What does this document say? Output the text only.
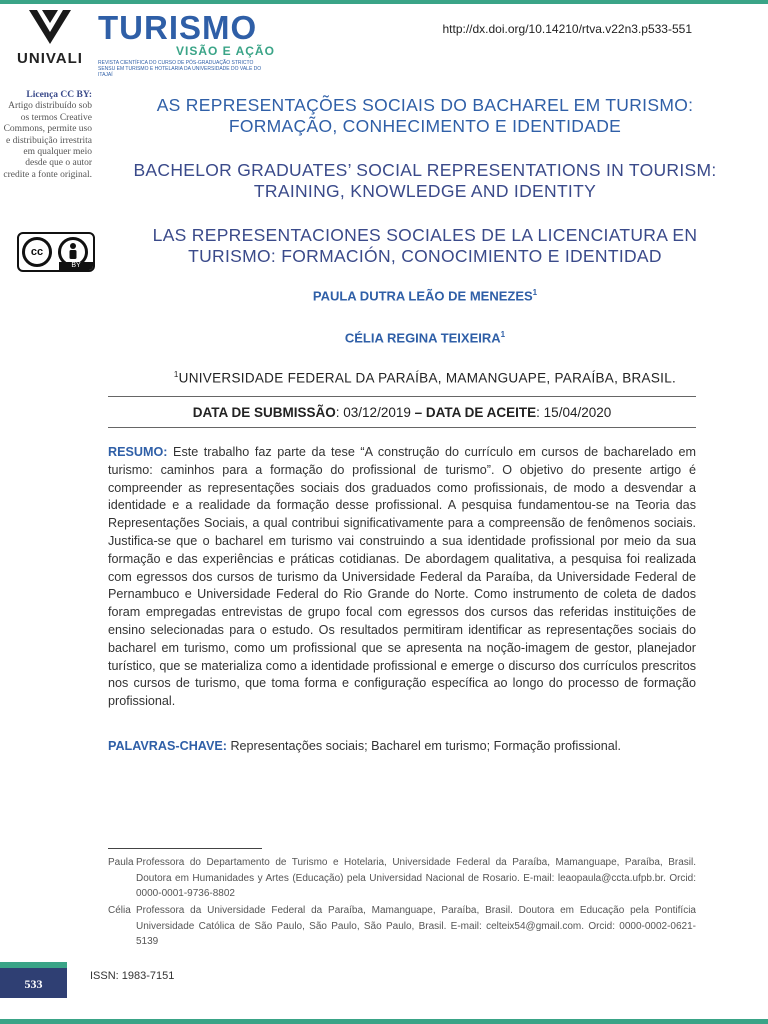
UNIVALI
TURISMO
VISÃO E AÇÃO
REVISTA CIENTÍFICA DO CURSO DE PÓS-GRADUAÇÃO STRICTO SENSU EM TURISMO E HOTELARIA DA UNIVERSIDADE DO VALE DO ITAJAÍ
http://dx.doi.org/10.14210/rtva.v22n3.p533-551
Licença CC BY:
Artigo distribuído sob os termos Creative Commons, permite uso e distribuição irrestrita em qualquer meio desde que o autor credite a fonte original.
cc
BY
AS REPRESENTAÇÕES SOCIAIS DO BACHAREL EM TURISMO: FORMAÇÃO, CONHECIMENTO E IDENTIDADE
BACHELOR GRADUATES’ SOCIAL REPRESENTATIONS IN TOURISM: TRAINING, KNOWLEDGE AND IDENTITY
LAS REPRESENTACIONES SOCIALES DE LA LICENCIATURA EN TURISMO: FORMACIÓN, CONOCIMIENTO E IDENTIDAD
PAULA DUTRA LEÃO DE MENEZES$^1$
CÉLIA REGINA TEIXEIRA$^1$
$^1$UNIVERSIDADE FEDERAL DA PARAÍBA, MAMANGUAPE, PARAÍBA, BRASIL.
DATA DE SUBMISSÃO: 03/12/2019 – DATA DE ACEITE: 15/04/2020
RESUMO: Este trabalho faz parte da tese “A construção do currículo em cursos de bacharelado em turismo: caminhos para a formação do profissional de turismo”. O objetivo do presente artigo é compreender as representações sociais dos graduados como profissionais, de modo a desvendar a identidade e a realidade da formação desse profissional. A pesquisa fundamentou-se na Teoria das Representações Sociais, a qual contribui significativamente para a compreensão de fenômenos sociais. Justifica-se que o bacharel em turismo vai construindo a sua identidade profissional por meio da sua formação e das experiências e práticas cotidianas. De abordagem qualitativa, a pesquisa foi realizada com egressos dos cursos de turismo da Universidade Federal da Paraíba, da Universidade Federal de Pernambuco e Universidade Federal do Rio Grande do Norte. Como instrumento de coleta de dados foram empregadas entrevistas de grupo focal com egressos dos cursos das referidas instituições de ensino selecionadas para o estudo. Os resultados permitiram identificar as representações sociais do bacharel em turismo, como um profissional que se apresenta na noção-imagem de gestor, planejador turístico, que se materializa como a identidade profissional e emerge o discurso dos currículos prescritos nos cursos de turismo, que toma forma e configuração específica ao longo do processo de formação profissional.
PALAVRAS-CHAVE: Representações sociais; Bacharel em turismo; Formação profissional.
Paula Professora do Departamento de Turismo e Hotelaria, Universidade Federal da Paraíba, Mamanguape, Paraíba, Brasil. Doutora em Humanidades y Artes (Educação) pela Universidad Nacional de Rosario. E-mail: leaopaula@ccta.ufpb.br. Orcid: 0000-0001-9736-8802
Célia Professora da Universidade Federal da Paraíba, Mamanguape, Paraíba, Brasil. Doutora em Educação pela Pontifícia Universidade Católica de São Paulo, São Paulo, São Paulo, Brasil. E-mail: celteix54@gmail.com. Orcid: 0000-0002-0621-5139
533
ISSN: 1983-7151
